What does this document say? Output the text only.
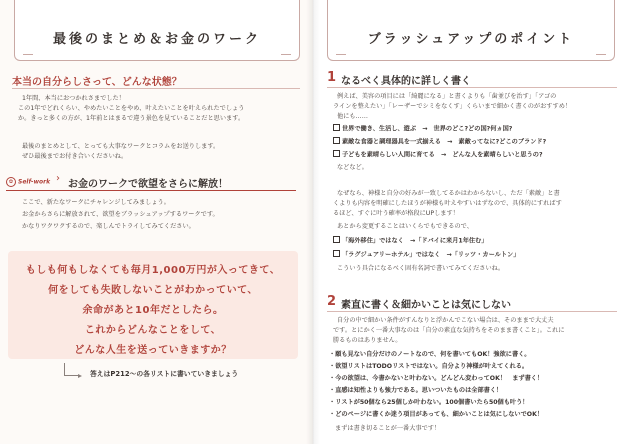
最後のまとめ＆お金のワーク
本当の自分らしさって、どんな状態？
1年間、本当におつかれさまでした！
この1年でどれくらい、やめたいことをやめ、叶えたいことを叶えられたでしょう
か。きっと多くの方が、1年前とはまるで違う景色を見ていることだと思います。
最後のまとめとして、とっても大事なワークとコラムをお送りします。
ぜひ最後までお付き合いくださいね。
✿ Self-work ›
お金のワークで欲望をさらに解放！
ここで、新たなワークにチャレンジしてみましょう。
お金からさらに解放されて、欲望をブラッシュアップするワークです。
かなりワクワクするので、楽しんでトライしてみてください。
もしも何もしなくても毎月1,000万円が入ってきて、
何をしても失敗しないことがわかっていて、
余命があと10年だとしたら。
これからどんなことをして、
どんな人生を送っていきますか？
答えはP212～の各リストに書いていきましょう
ブラッシュアップのポイント
1 なるべく具体的に詳しく書く
例えば、美容の項目には「綺麗になる」と書くよりも「歯並びを治す」「アゴの
ラインを整えたい」「レーザーでシミをなくす」くらいまで細かく書くのがおすすめ！
他にも……
世界で働き、生活し、遊ぶ　→　世界のどこ?どの国?何ヵ国?
素敵な食器と調理器具を一式揃える　→　素敵ってなに?どこのブランド?
子どもを素晴らしい人間に育てる　→　どんな人を素晴らしいと思うの?
などなど。
なぜなら、神様と自分の好みが一致してるかはわからないし、ただ「素敵」と書
くよりも内容を明確にしたほうが神様も叶えやすいはずなので、具体的にすればす
るほど、すぐに叶う確率が格段にUPします！
あとから変更することはいくらでもできるので、
「海外移住」ではなく　→「ドバイに来月1年住む」
「ラグジュアリーホテル」ではなく　→「リッツ・カールトン」
こういう具合になるべく固有名詞で書いてみてくださいね。
2 素直に書く＆細かいことは気にしない
自分の中で細かい条件がすんなりと浮かんでこない場合は、そのままで大丈夫
です。とにかく一番大事なのは「自分の素直な気持ちをそのまま書くこと」。これに
勝るものはありません。
・ 願も見ない自分だけのノートなので、何を書いてもOK！強欲に書く。
・ 欲望リストはTODOリストではない。自分より神様が叶えてくれる。
・ 今の欲望は、今書かないと叶わない。どんどん変わってOK！　まず書く！
・ 直感は知性よりも強力である。思いついたものは全部書く！
・ リストが50個なら25個しか叶わない。100個書いたら50個も叶う！
・ どのページに書くか迷う項目があっても、細かいことは気にしないでOK！
まずは書き切ることが一番大事です！
